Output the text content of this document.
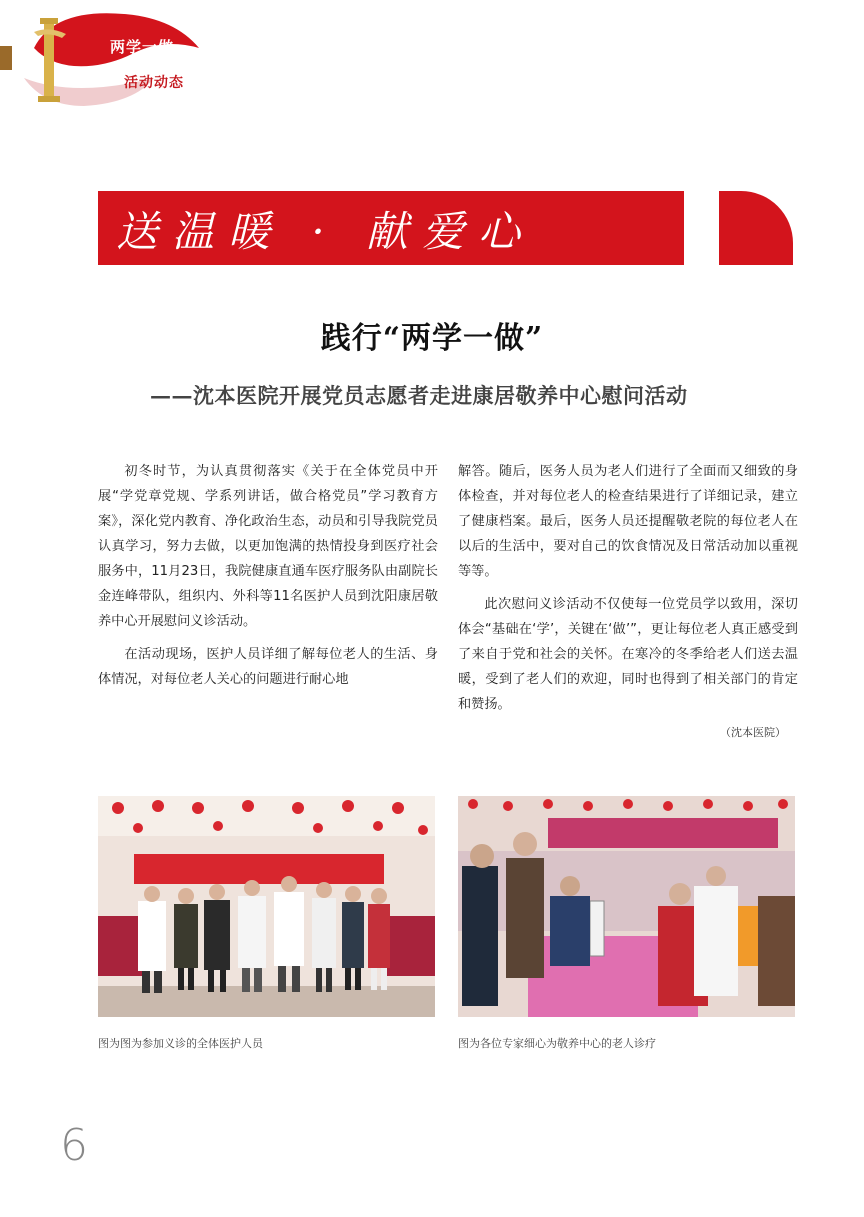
两学一做
活动动态
送温暖 · 献爱心
践行“两学一做”
——沈本医院开展党员志愿者走进康居敬养中心慰问活动

初冬时节，为认真贯彻落实《关于在全体党员中开展“学党章党规、学系列讲话，做合格党员”学习教育方案》，深化党内教育、净化政治生态，动员和引导我院党员认真学习，努力去做，以更加饱满的热情投身到医疗社会服务中，11月23日，我院健康直通车医疗服务队由副院长金连峰带队，组织内、外科等11名医护人员到沈阳康居敬养中心开展慰问义诊活动。

在活动现场，医护人员详细了解每位老人的生活、身体情况，对每位老人关心的问题进行耐心地

解答。随后，医务人员为老人们进行了全面而又细致的身体检查，并对每位老人的检查结果进行了详细记录，建立了健康档案。最后，医务人员还提醒敬老院的每位老人在以后的生活中，要对自己的饮食情况及日常活动加以重视等等。

此次慰问义诊活动不仅使每一位党员学以致用，深切体会“基础在‘学’，关键在‘做’”，更让每位老人真正感受到了来自于党和社会的关怀。在寒冷的冬季给老人们送去温暖，受到了老人们的欢迎，同时也得到了相关部门的肯定和赞扬。

（沈本医院）
图为图为参加义诊的全体医护人员	图为各位专家细心为敬养中心的老人诊疗
6
